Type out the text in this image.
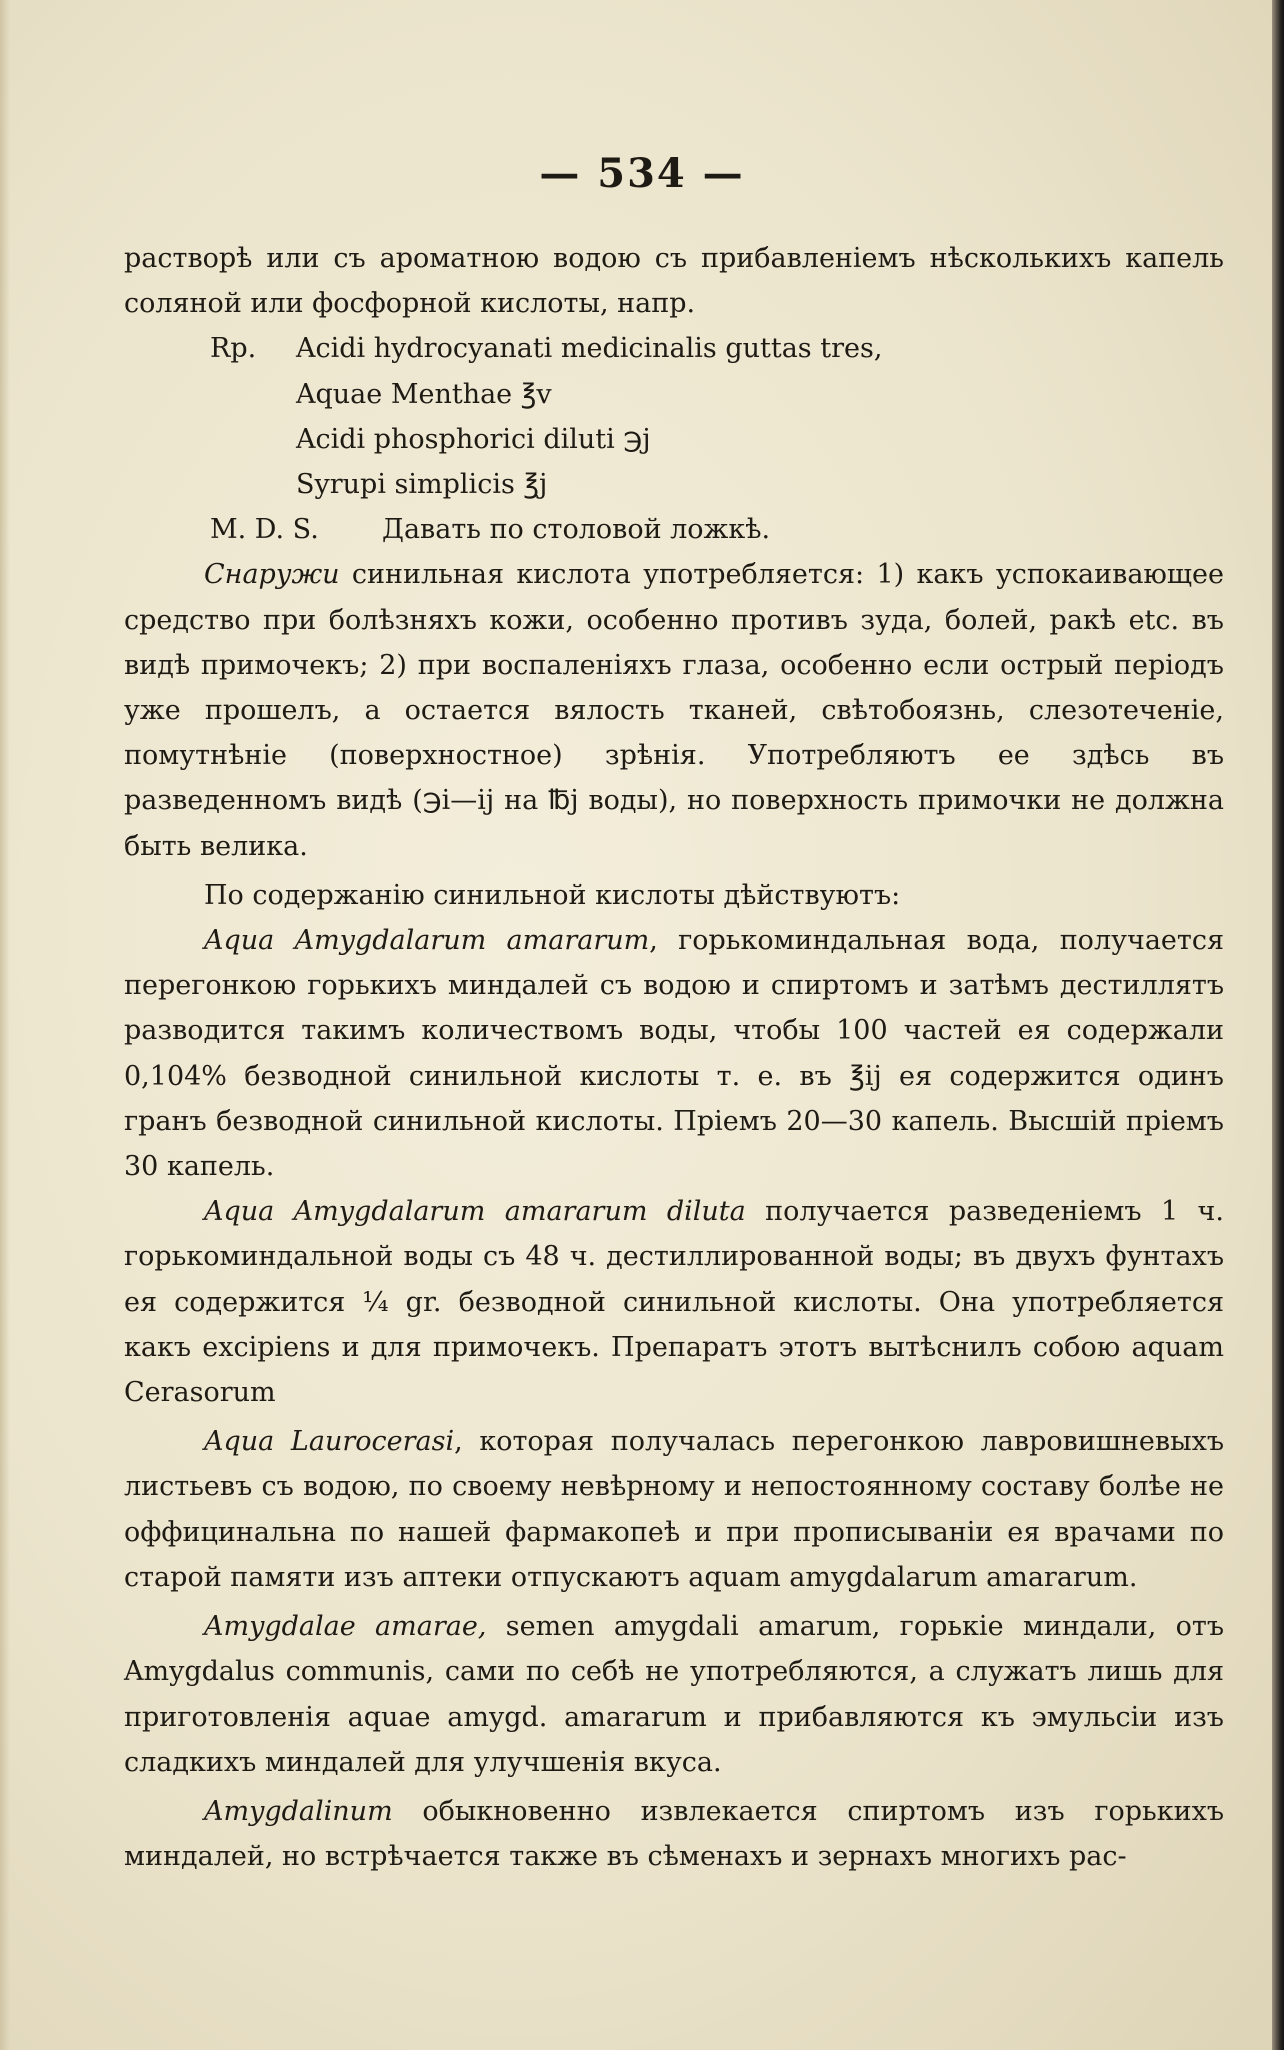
— 534 —

растворѣ или съ ароматною водою съ прибавленіемъ нѣсколькихъ капель соляной или фосфорной кислоты, напр.

Rp. Acidi hydrocyanati medicinalis guttas tres,
Aquae Menthae ℥v
Acidi phosphorici diluti ℈j
Syrupi simplicis ℥j
M. D. S. Давать по столовой ложкѣ.

Снаружи синильная кислота употребляется: 1) какъ успокаивающее средство при болѣзняхъ кожи, особенно противъ зуда, болей, ракѣ etc. въ видѣ примочекъ; 2) при воспаленіяхъ глаза, особенно если острый періодъ уже прошелъ, а остается вялость тканей, свѣтобоязнь, слезотеченіе, помутнѣніе (поверхностное) зрѣнія. Употребляютъ ее здѣсь въ разведенномъ видѣ (℈i—ij на ℔j воды), но поверхность примочки не должна быть велика.

По содержанію синильной кислоты дѣйствуютъ:

Aqua Amygdalarum amararum, горькоминдальная вода, получается перегонкою горькихъ миндалей съ водою и спиртомъ и затѣмъ дестиллятъ разводится такимъ количествомъ воды, чтобы 100 частей ея содержали 0,104% безводной синильной кислоты т. е. въ ℥ij ея содержится одинъ гранъ безводной синильной кислоты. Пріемъ 20—30 капель. Высшій пріемъ 30 капель.

Aqua Amygdalarum amararum diluta получается разведеніемъ 1 ч. горькоминдальной воды съ 48 ч. дестиллированной воды; въ двухъ фунтахъ ея содержится ¼ gr. безводной синильной кислоты. Она употребляется какъ excipiens и для примочекъ. Препаратъ этотъ вытѣснилъ собою aquam Cerasorum

Aqua Laurocerasi, которая получалась перегонкою лавровишневыхъ листьевъ съ водою, по своему невѣрному и непостоянному составу болѣе не оффицинальна по нашей фармакопеѣ и при прописываніи ея врачами по старой памяти изъ аптеки отпускаютъ aquam amygdalarum amararum.

Amygdalae amarae, semen amygdali amarum, горькіе миндали, отъ Amygdalus communis, сами по себѣ не употребляются, а служатъ лишь для приготовленія aquae amygd. amararum и прибавляются къ эмульсіи изъ сладкихъ миндалей для улучшенія вкуса.

Amygdalinum обыкновенно извлекается спиртомъ изъ горькихъ миндалей, но встрѣчается также въ сѣменахъ и зернахъ многихъ рас-
